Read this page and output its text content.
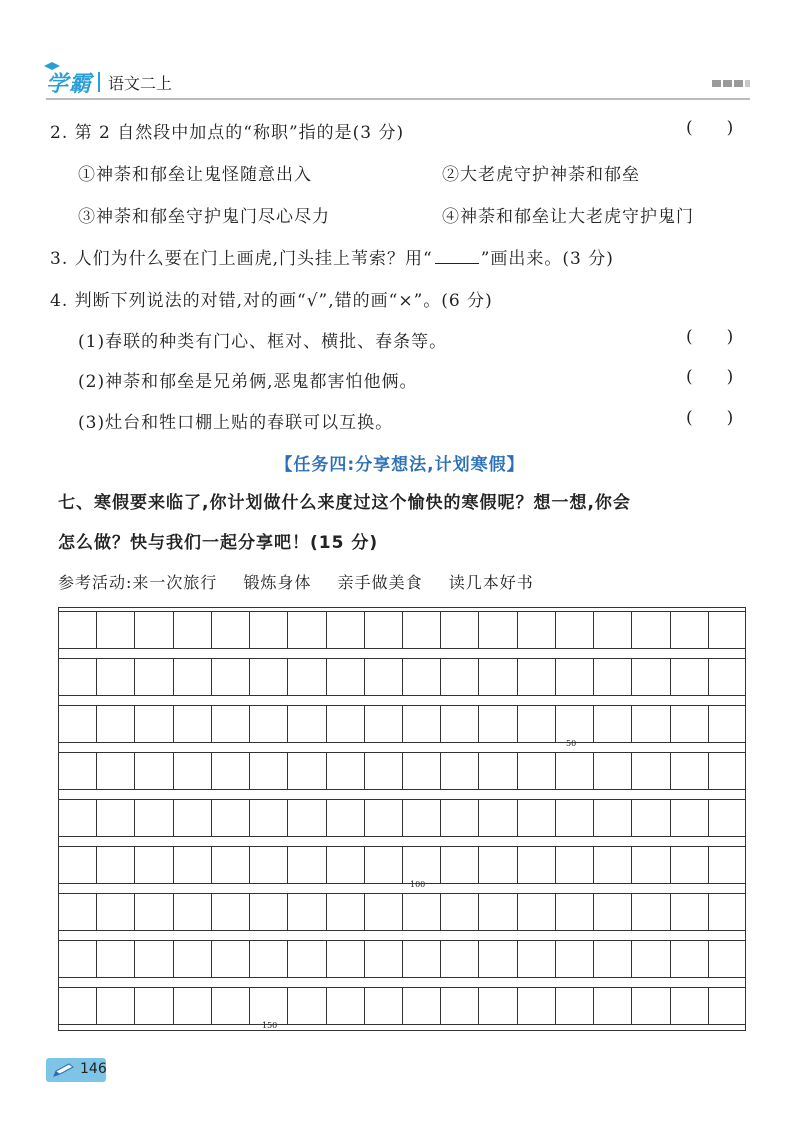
学霸 语文二上
2. 第 2 自然段中加点的“称职”指的是(3 分)	()
①神荼和郁垒让鬼怪随意出入	②大老虎守护神荼和郁垒
③神荼和郁垒守护鬼门尽心尽力	④神荼和郁垒让大老虎守护鬼门
3. 人们为什么要在门上画虎,门头挂上苇索？用“	”画出来。(3 分)
4. 判断下列说法的对错,对的画“√”,错的画“×”。(6 分)
(1)春联的种类有门心、框对、横批、春条等。	()
(2)神荼和郁垒是兄弟俩,恶鬼都害怕他俩。	()
(3)灶台和牲口棚上贴的春联可以互换。	()
【任务四:分享想法,计划寒假】
七、寒假要来临了,你计划做什么来度过这个愉快的寒假呢？想一想,你会
怎么做？快与我们一起分享吧！(15 分)
参考活动:来一次旅行 锻炼身体 亲手做美食 读几本好书
50
100
150
146
